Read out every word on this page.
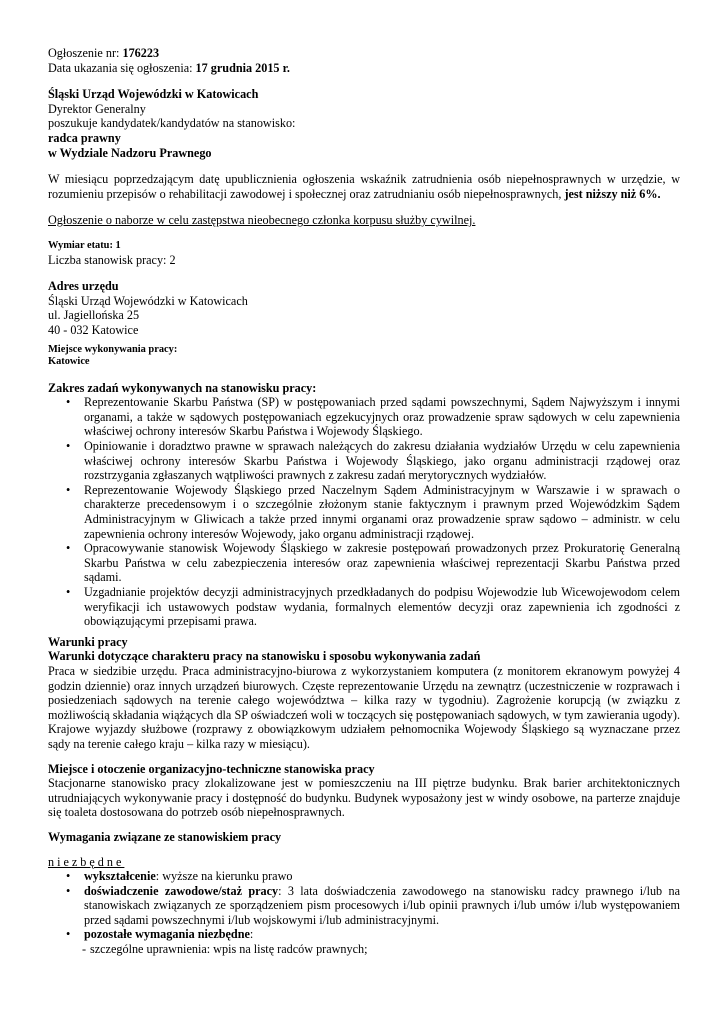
Ogłoszenie nr: 176223

Data ukazania się ogłoszenia: 17 grudnia 2015 r.

Śląski Urząd Wojewódzki w Katowicach

Dyrektor Generalny

poszukuje kandydatek/kandydatów na stanowisko:

radca prawny

w Wydziale Nadzoru Prawnego

W miesiącu poprzedzającym datę upublicznienia ogłoszenia wskaźnik zatrudnienia osób niepełnosprawnych w urzędzie, w rozumieniu przepisów o rehabilitacji zawodowej i społecznej oraz zatrudnianiu osób niepełnosprawnych, jest niższy niż 6%.

Ogłoszenie o naborze w celu zastępstwa nieobecnego członka korpusu służby cywilnej.

Wymiar etatu: 1

Liczba stanowisk pracy: 2

Adres urzędu

Śląski Urząd Wojewódzki w Katowicach

ul. Jagiellońska 25

40 - 032 Katowice

Miejsce wykonywania pracy:

Katowice

Zakres zadań wykonywanych na stanowisku pracy:

• Reprezentowanie Skarbu Państwa (SP) w postępowaniach przed sądami powszechnymi, Sądem Najwyższym i innymi organami, a także w sądowych postępowaniach egzekucyjnych oraz prowadzenie spraw sądowych w celu zapewnienia właściwej ochrony interesów Skarbu Państwa i Wojewody Śląskiego.
• Opiniowanie i doradztwo prawne w sprawach należących do zakresu działania wydziałów Urzędu w celu zapewnienia właściwej ochrony interesów Skarbu Państwa i Wojewody Śląskiego, jako organu administracji rządowej oraz rozstrzygania zgłaszanych wątpliwości prawnych z zakresu zadań merytorycznych wydziałów.
• Reprezentowanie Wojewody Śląskiego przed Naczelnym Sądem Administracyjnym w Warszawie i w sprawach o charakterze precedensowym i o szczególnie złożonym stanie faktycznym i prawnym przed Wojewódzkim Sądem Administracyjnym w Gliwicach a także przed innymi organami oraz prowadzenie spraw sądowo – administr. w celu zapewnienia ochrony interesów Wojewody, jako organu administracji rządowej.
• Opracowywanie stanowisk Wojewody Śląskiego w zakresie postępowań prowadzonych przez Prokuratorię Generalną Skarbu Państwa w celu zabezpieczenia interesów oraz zapewnienia właściwej reprezentacji Skarbu Państwa przed sądami.
• Uzgadnianie projektów decyzji administracyjnych przedkładanych do podpisu Wojewodzie lub Wicewojewodom celem weryfikacji ich ustawowych podstaw wydania, formalnych elementów decyzji oraz zapewnienia ich zgodności z obowiązującymi przepisami prawa.

Warunki pracy

Warunki dotyczące charakteru pracy na stanowisku i sposobu wykonywania zadań

Praca w siedzibie urzędu. Praca administracyjno-biurowa z wykorzystaniem komputera (z monitorem ekranowym powyżej 4 godzin dziennie) oraz innych urządzeń biurowych. Częste reprezentowanie Urzędu na zewnątrz (uczestniczenie w rozprawach i posiedzeniach sądowych na terenie całego województwa – kilka razy w tygodniu). Zagrożenie korupcją (w związku z możliwością składania wiążących dla SP oświadczeń woli w toczących się postępowaniach sądowych, w tym zawierania ugody). Krajowe wyjazdy służbowe (rozprawy z obowiązkowym udziałem pełnomocnika Wojewody Śląskiego są wyznaczane przez sądy na terenie całego kraju – kilka razy w miesiącu).

Miejsce i otoczenie organizacyjno-techniczne stanowiska pracy

Stacjonarne stanowisko pracy zlokalizowane jest w pomieszczeniu na III piętrze budynku. Brak barier architektonicznych utrudniających wykonywanie pracy i dostępność do budynku. Budynek wyposażony jest w windy osobowe, na parterze znajduje się toaleta dostosowana do potrzeb osób niepełnosprawnych.

Wymagania związane ze stanowiskiem pracy

niezbędne

• wykształcenie: wyższe na kierunku prawo
• doświadczenie zawodowe/staż pracy: 3 lata doświadczenia zawodowego na stanowisku radcy prawnego i/lub na stanowiskach związanych ze sporządzeniem pism procesowych i/lub opinii prawnych i/lub umów i/lub występowaniem przed sądami powszechnymi i/lub wojskowymi i/lub administracyjnymi.
• pozostałe wymagania niezbędne:
- szczególne uprawnienia: wpis na listę radców prawnych;
